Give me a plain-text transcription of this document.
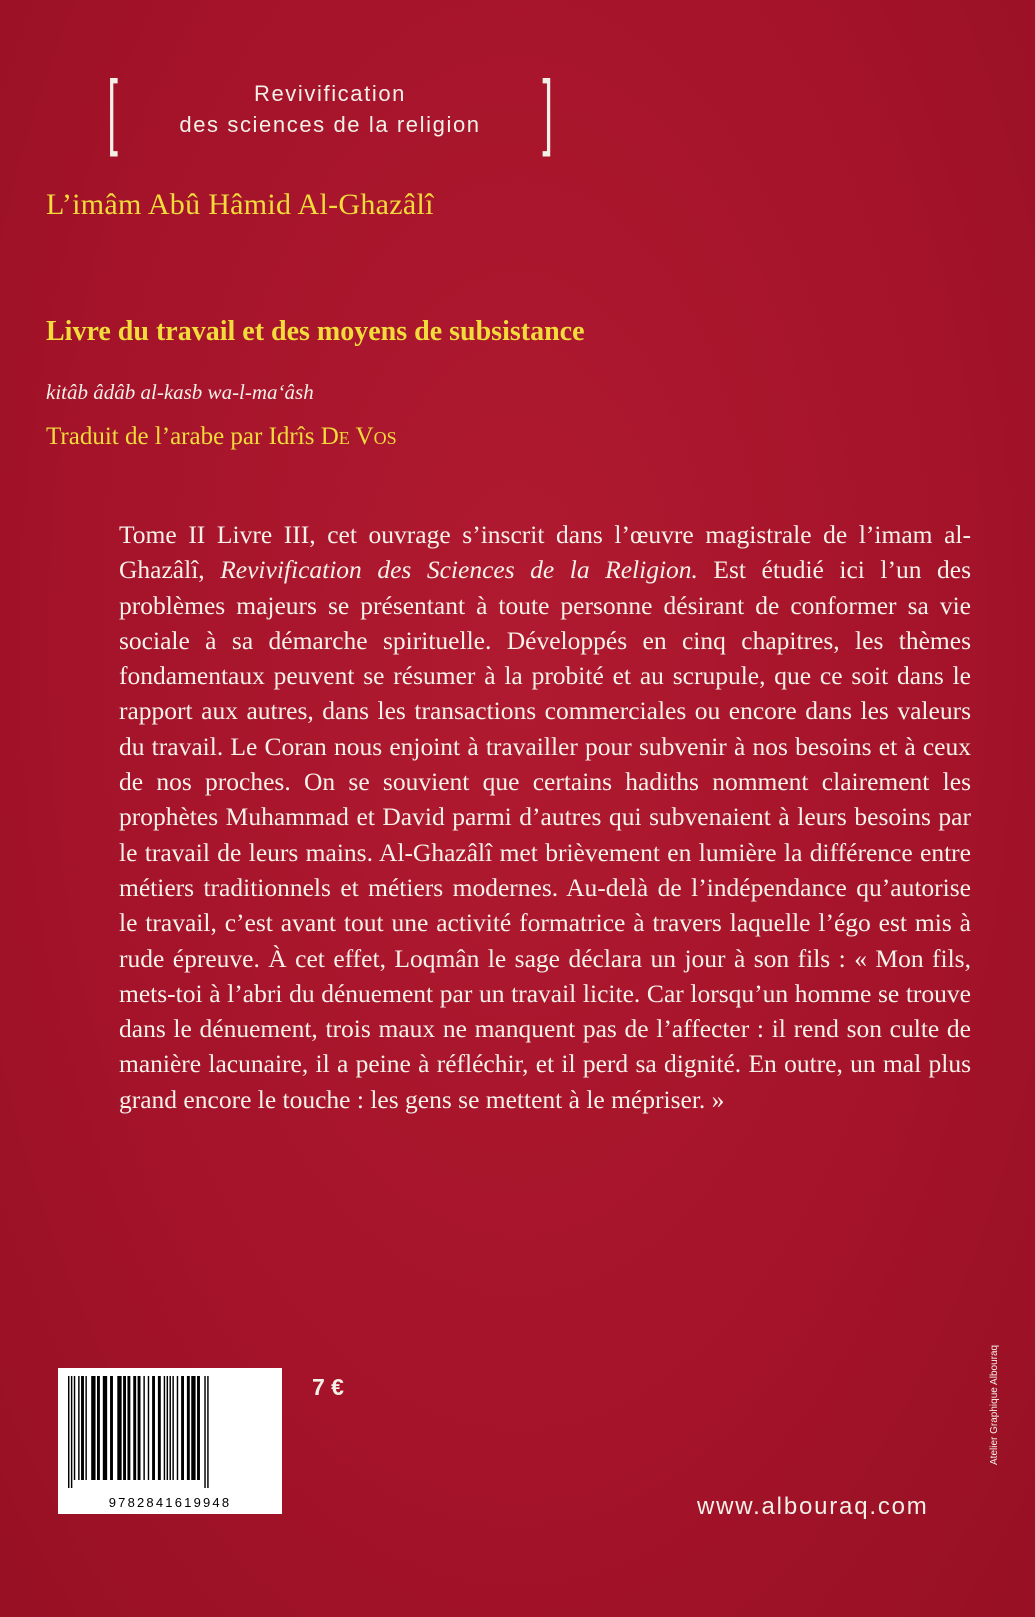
[	Revivification
des sciences de la religion ]
L’imâm Abû Hâmid Al-Ghazâlî
Livre du travail et des moyens de subsistance
kitâb âdâb al-kasb wa-l-ma‘âsh
Traduit de l’arabe par Idrîs De Vos
Tome II Livre III, cet ouvrage s’inscrit dans l’œuvre magistrale de l’imam al-Ghazâlî, Revivification des Sciences de la Religion. Est étudié ici l’un des problèmes majeurs se présentant à toute personne désirant de conformer sa vie sociale à sa démarche spirituelle. Développés en cinq chapitres, les thèmes fondamentaux peuvent se résumer à la probité et au scrupule, que ce soit dans le rapport aux autres, dans les transactions commerciales ou encore dans les valeurs du travail. Le Coran nous enjoint à travailler pour subvenir à nos besoins et à ceux de nos proches. On se souvient que certains hadiths nomment clairement les prophètes Muhammad et David parmi d’autres qui subvenaient à leurs besoins par le travail de leurs mains. Al-Ghazâlî met brièvement en lumière la différence entre métiers traditionnels et métiers modernes. Au-delà de l’indépendance qu’autorise le travail, c’est avant tout une activité formatrice à travers laquelle l’égo est mis à rude épreuve. À cet effet, Loqmân le sage déclara un jour à son fils : « Mon fils, mets-toi à l’abri du dénuement par un travail licite. Car lorsqu’un homme se trouve dans le dénuement, trois maux ne manquent pas de l’affecter : il rend son culte de manière lacunaire, il a peine à réfléchir, et il perd sa dignité. En outre, un mal plus grand encore le touche : les gens se mettent à le mépriser. »
9782841619948
7 €
www.albouraq.com
Atelier Graphique Albouraq
